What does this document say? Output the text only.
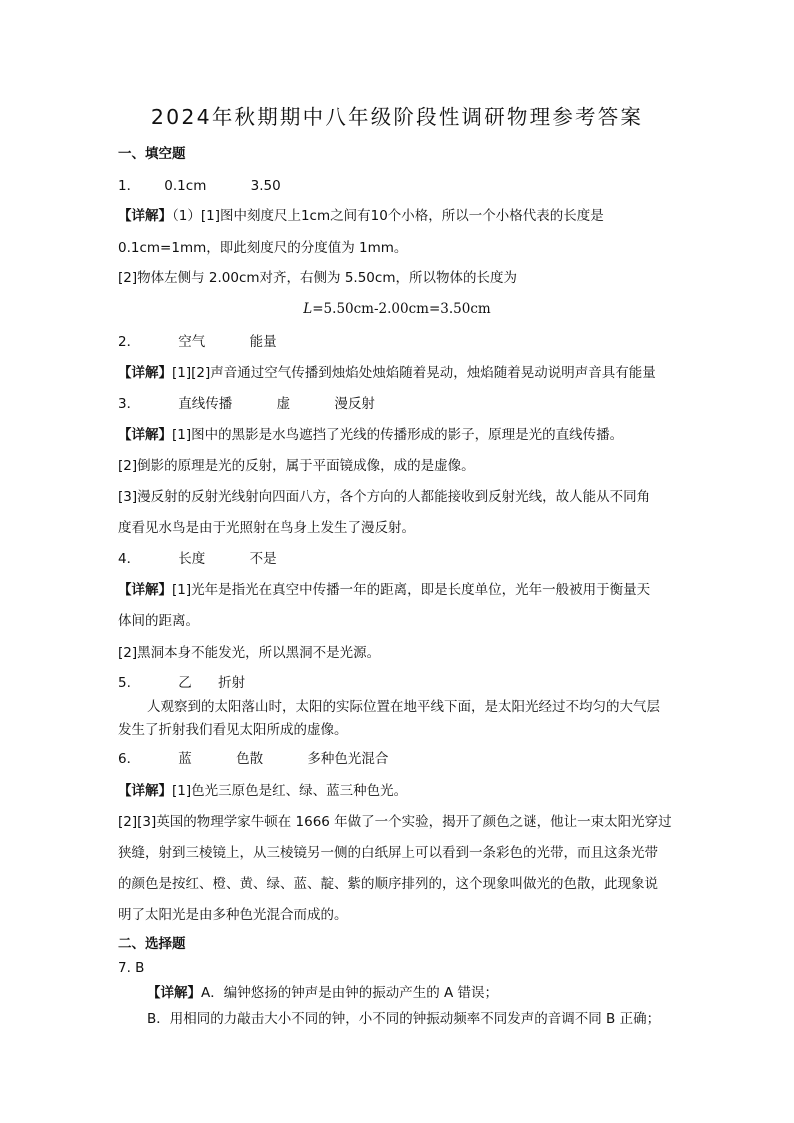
2024年秋期期中八年级阶段性调研物理参考答案
一、填空题
1． 0.1cm	3.50
【详解】（1）[1]图中刻度尺上1cm之间有10个小格，所以一个小格代表的长度是
0.1cm=1mm，即此刻度尺的分度值为 1mm。
[2]物体左侧与 2.00cm对齐，右侧为 5.50cm，所以物体的长度为
L=5.50cm-2.00cm=3.50cm
2．	空气	能量
【详解】[1][2]声音通过空气传播到烛焰处烛焰随着晃动，烛焰随着晃动说明声音具有能量
3．	直线传播	虚	漫反射
【详解】[1]图中的黑影是水鸟遮挡了光线的传播形成的影子，原理是光的直线传播。
[2]倒影的原理是光的反射，属于平面镜成像，成的是虚像。
[3]漫反射的反射光线射向四面八方，各个方向的人都能接收到反射光线，故人能从不同角
度看见水鸟是由于光照射在鸟身上发生了漫反射。
4．	长度	不是
【详解】[1]光年是指光在真空中传播一年的距离，即是长度单位，光年一般被用于衡量天
体间的距离。
[2]黑洞本身不能发光，所以黑洞不是光源。
5.	乙 折射
人观察到的太阳落山时，太阳的实际位置在地平线下面，是太阳光经过不均匀的大气层
发生了折射我们看见太阳所成的虚像。
6．	蓝	色散	多种色光混合
【详解】[1]色光三原色是红、绿、蓝三种色光。
[2][3]英国的物理学家牛顿在 1666 年做了一个实验，揭开了颜色之谜，他让一束太阳光穿过
狭缝，射到三棱镜上，从三棱镜另一侧的白纸屏上可以看到一条彩色的光带，而且这条光带
的颜色是按红、橙、黄、绿、蓝、靛、紫的顺序排列的，这个现象叫做光的色散，此现象说
明了太阳光是由多种色光混合而成的。
二、选择题
7. B
【详解】A．编钟悠扬的钟声是由钟的振动产生的 A 错误；
B．用相同的力敲击大小不同的钟，小不同的钟振动频率不同发声的音调不同 B 正确；
